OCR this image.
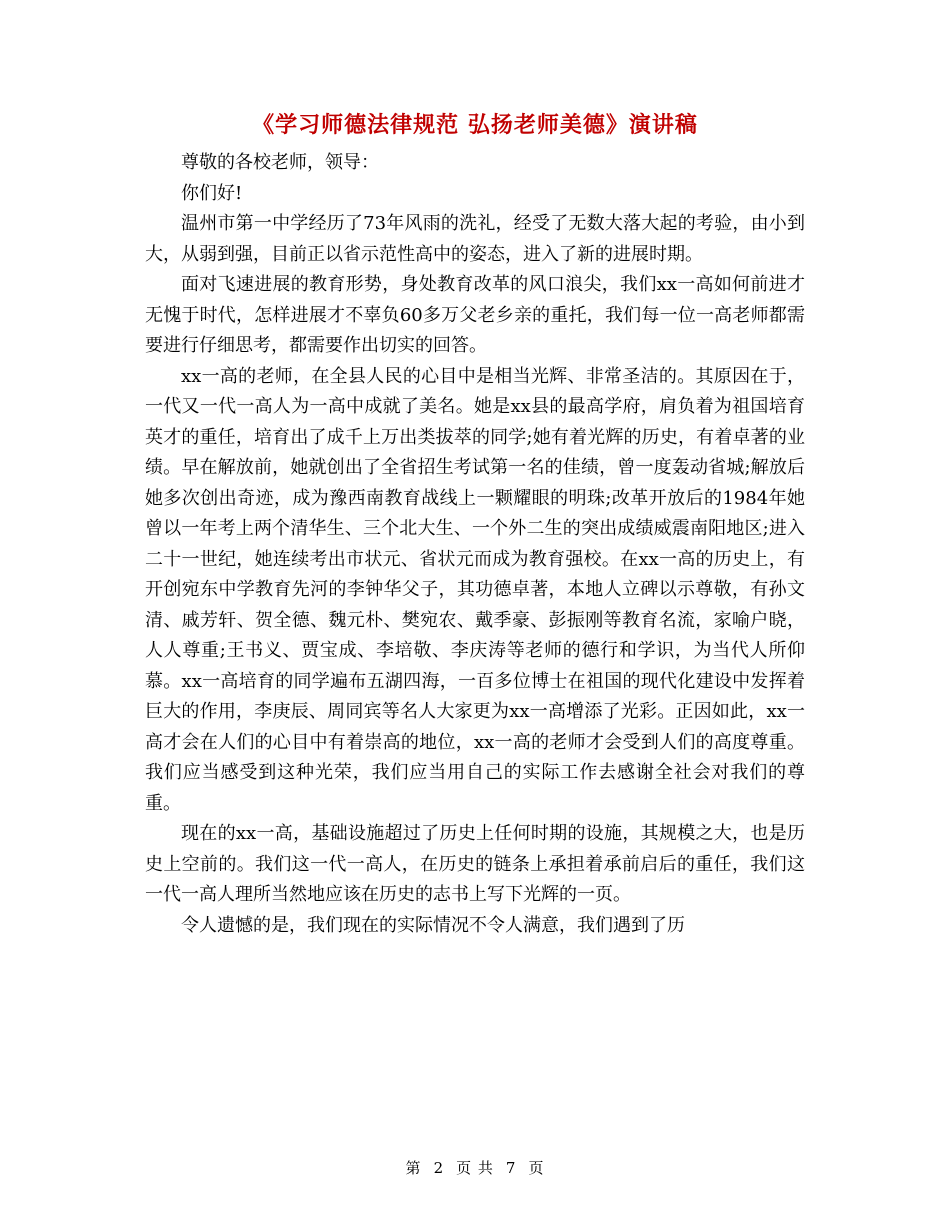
《学习师德法律规范 弘扬老师美德》演讲稿

尊敬的各校老师，领导：

你们好!

温州市第一中学经历了73年风雨的洗礼，经受了无数大落大起的考验，由小到大，从弱到强，目前正以省示范性高中的姿态，进入了新的进展时期。

面对飞速进展的教育形势，身处教育改革的风口浪尖，我们xx一高如何前进才无愧于时代，怎样进展才不辜负60多万父老乡亲的重托，我们每一位一高老师都需要进行仔细思考，都需要作出切实的回答。

xx一高的老师，在全县人民的心目中是相当光辉、非常圣洁的。其原因在于，一代又一代一高人为一高中成就了美名。她是xx县的最高学府，肩负着为祖国培育英才的重任，培育出了成千上万出类拔萃的同学;她有着光辉的历史，有着卓著的业绩。早在解放前，她就创出了全省招生考试第一名的佳绩，曾一度轰动省城;解放后她多次创出奇迹，成为豫西南教育战线上一颗耀眼的明珠;改革开放后的1984年她曾以一年考上两个清华生、三个北大生、一个外二生的突出成绩威震南阳地区;进入二十一世纪，她连续考出市状元、省状元而成为教育强校。在xx一高的历史上，有开创宛东中学教育先河的李钟华父子，其功德卓著，本地人立碑以示尊敬，有孙文清、戚芳轩、贺全德、魏元朴、樊宛农、戴季豪、彭振刚等教育名流，家喻户晓，人人尊重;王书义、贾宝成、李培敬、李庆涛等老师的德行和学识，为当代人所仰慕。xx一高培育的同学遍布五湖四海，一百多位博士在祖国的现代化建设中发挥着巨大的作用，李庚辰、周同宾等名人大家更为xx一高增添了光彩。正因如此，xx一高才会在人们的心目中有着崇高的地位，xx一高的老师才会受到人们的高度尊重。我们应当感受到这种光荣，我们应当用自己的实际工作去感谢全社会对我们的尊重。

现在的xx一高，基础设施超过了历史上任何时期的设施，其规模之大，也是历史上空前的。我们这一代一高人，在历史的链条上承担着承前启后的重任，我们这一代一高人理所当然地应该在历史的志书上写下光辉的一页。

令人遗憾的是，我们现在的实际情况不令人满意，我们遇到了历

第 2 页 共 7 页
